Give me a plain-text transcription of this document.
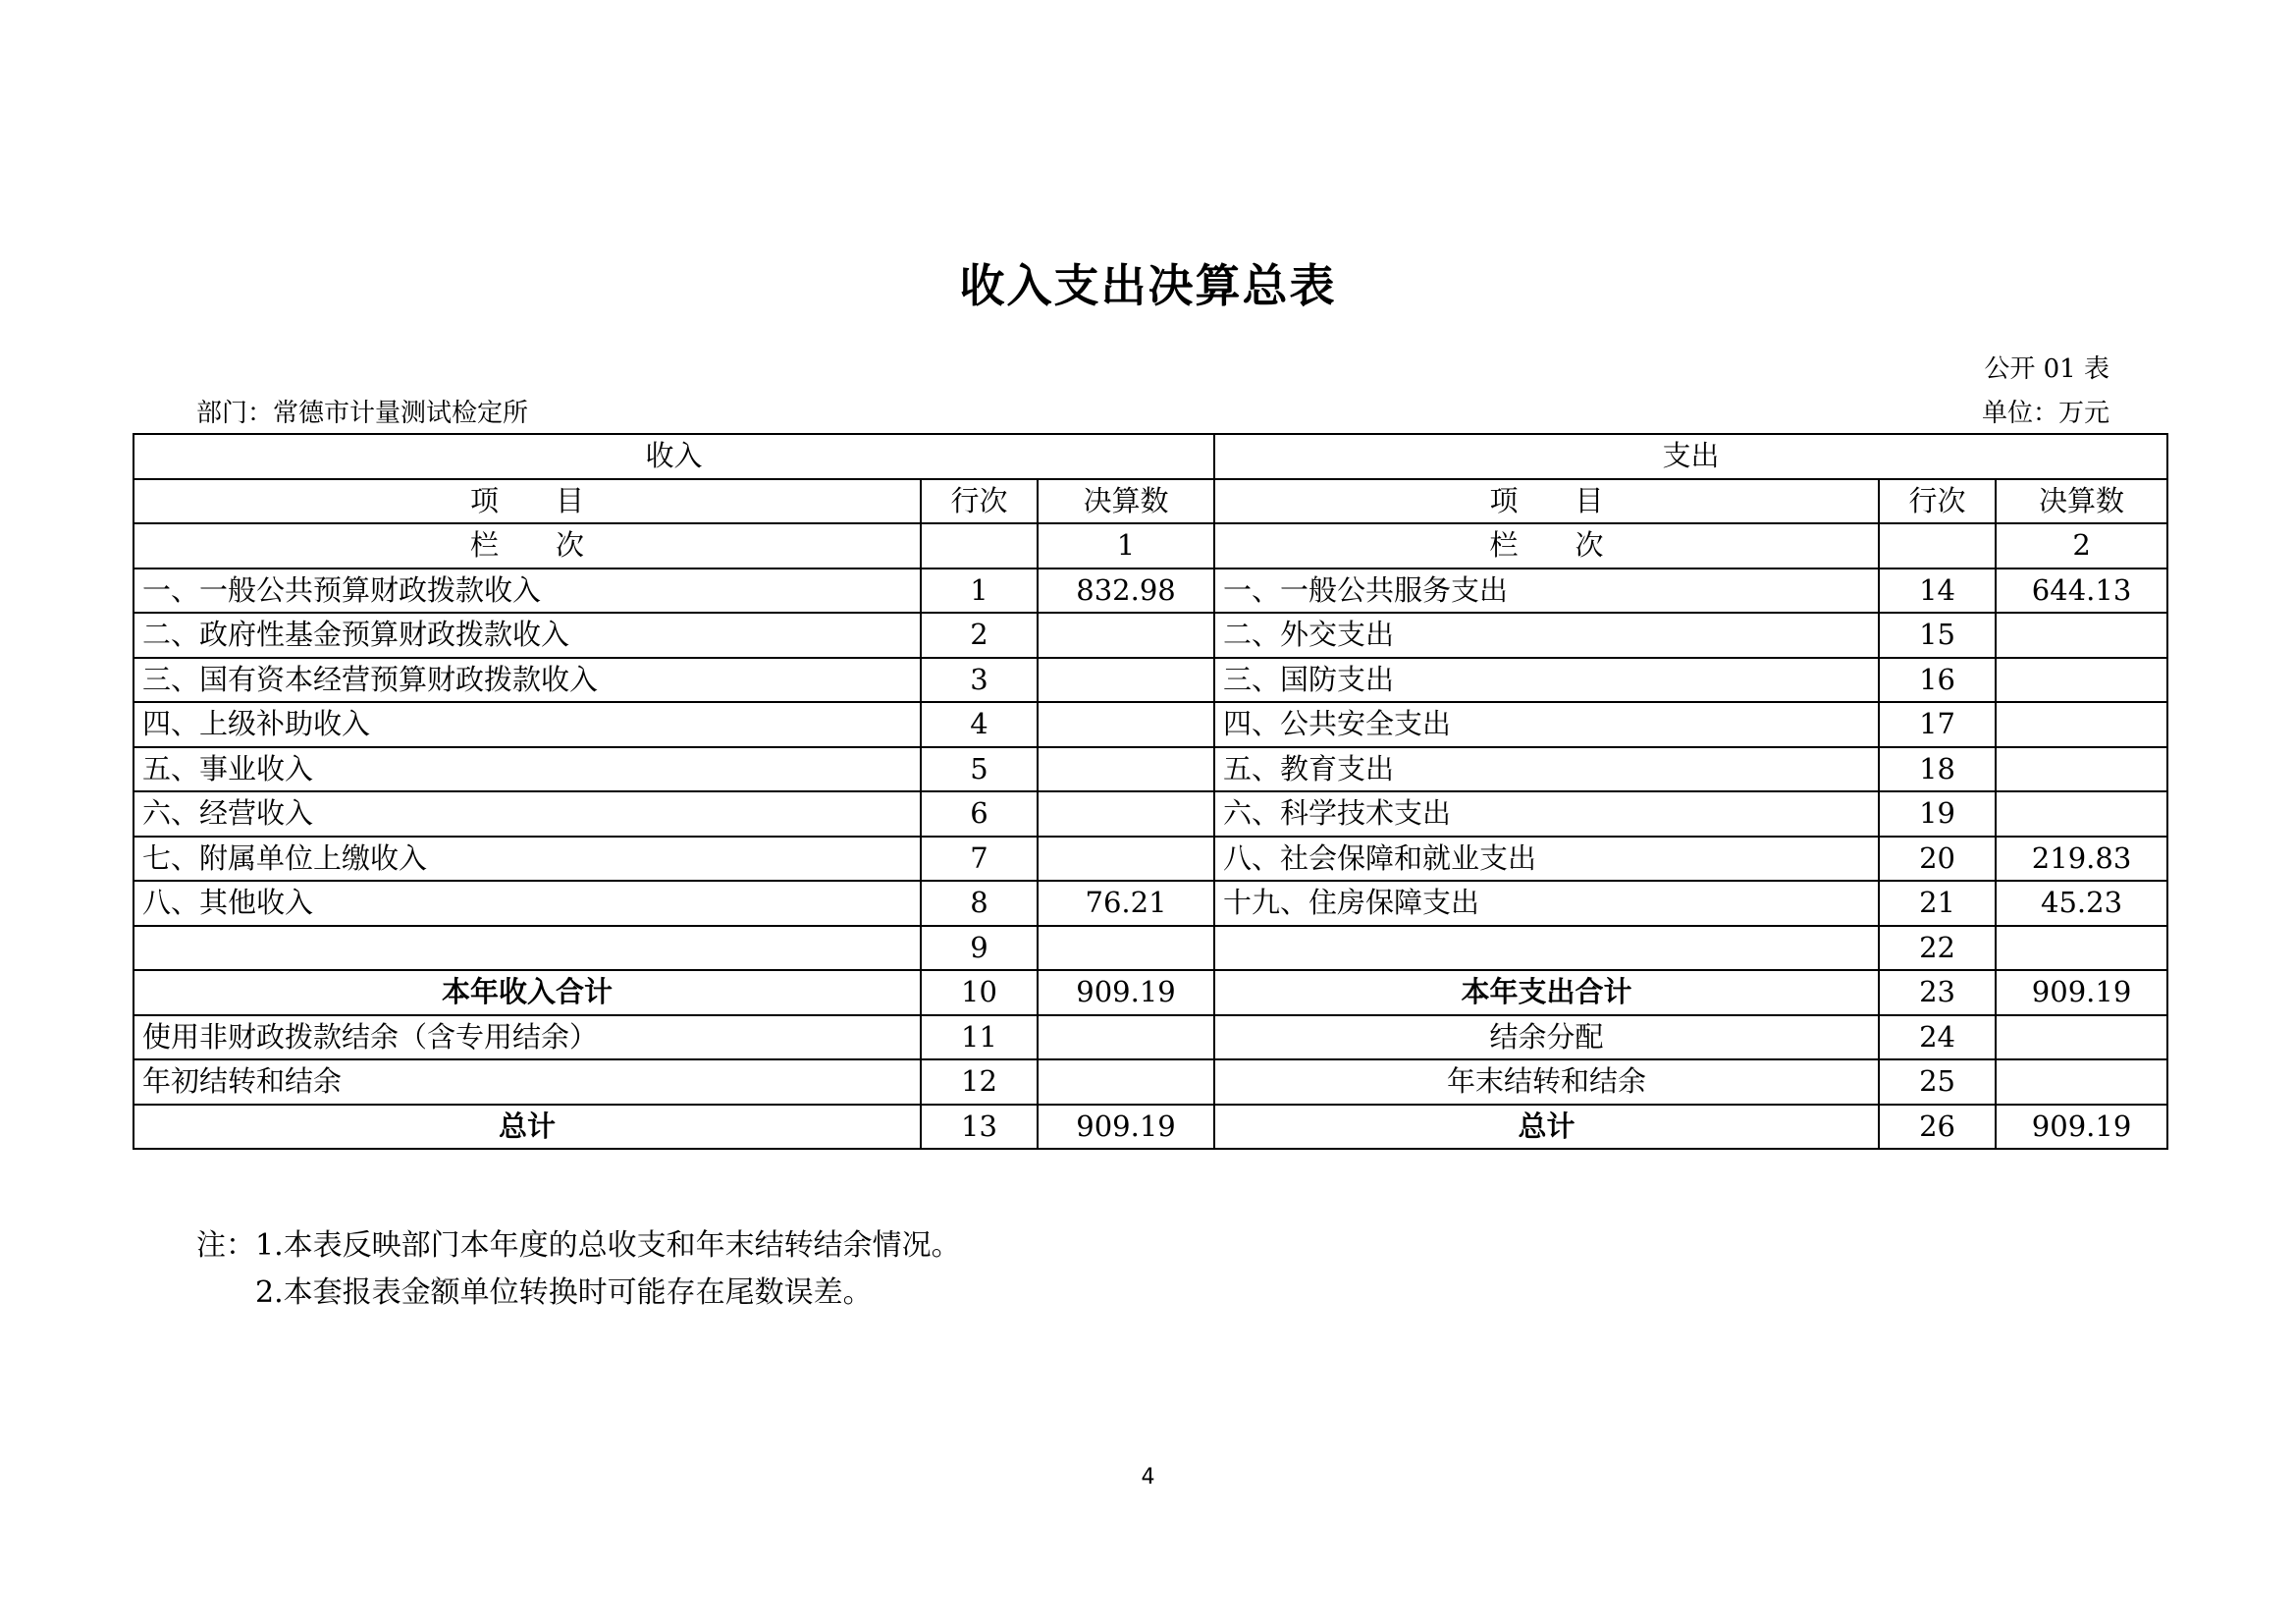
收入支出决算总表
公开 01 表
部门：常德市计量测试检定所	单位：万元
收入			支出		
项　　目	行次	决算数	项　　目	行次	决算数
栏　　次		1	栏　　次		2
一、一般公共预算财政拨款收入	1	832.98	一、一般公共服务支出	14	644.13
二、政府性基金预算财政拨款收入	2		二、外交支出	15	
三、国有资本经营预算财政拨款收入	3		三、国防支出	16	
四、上级补助收入	4		四、公共安全支出	17	
五、事业收入	5		五、教育支出	18	
六、经营收入	6		六、科学技术支出	19	
七、附属单位上缴收入	7		八、社会保障和就业支出	20	219.83
八、其他收入	8	76.21	十九、住房保障支出	21	45.23
	9			22	
本年收入合计	10	909.19	本年支出合计	23	909.19
使用非财政拨款结余（含专用结余）	11		结余分配	24	
年初结转和结余	12		年末结转和结余	25	
总计	13	909.19	总计	26	909.19
注：1.本表反映部门本年度的总收支和年末结转结余情况。
2.本套报表金额单位转换时可能存在尾数误差。
4
